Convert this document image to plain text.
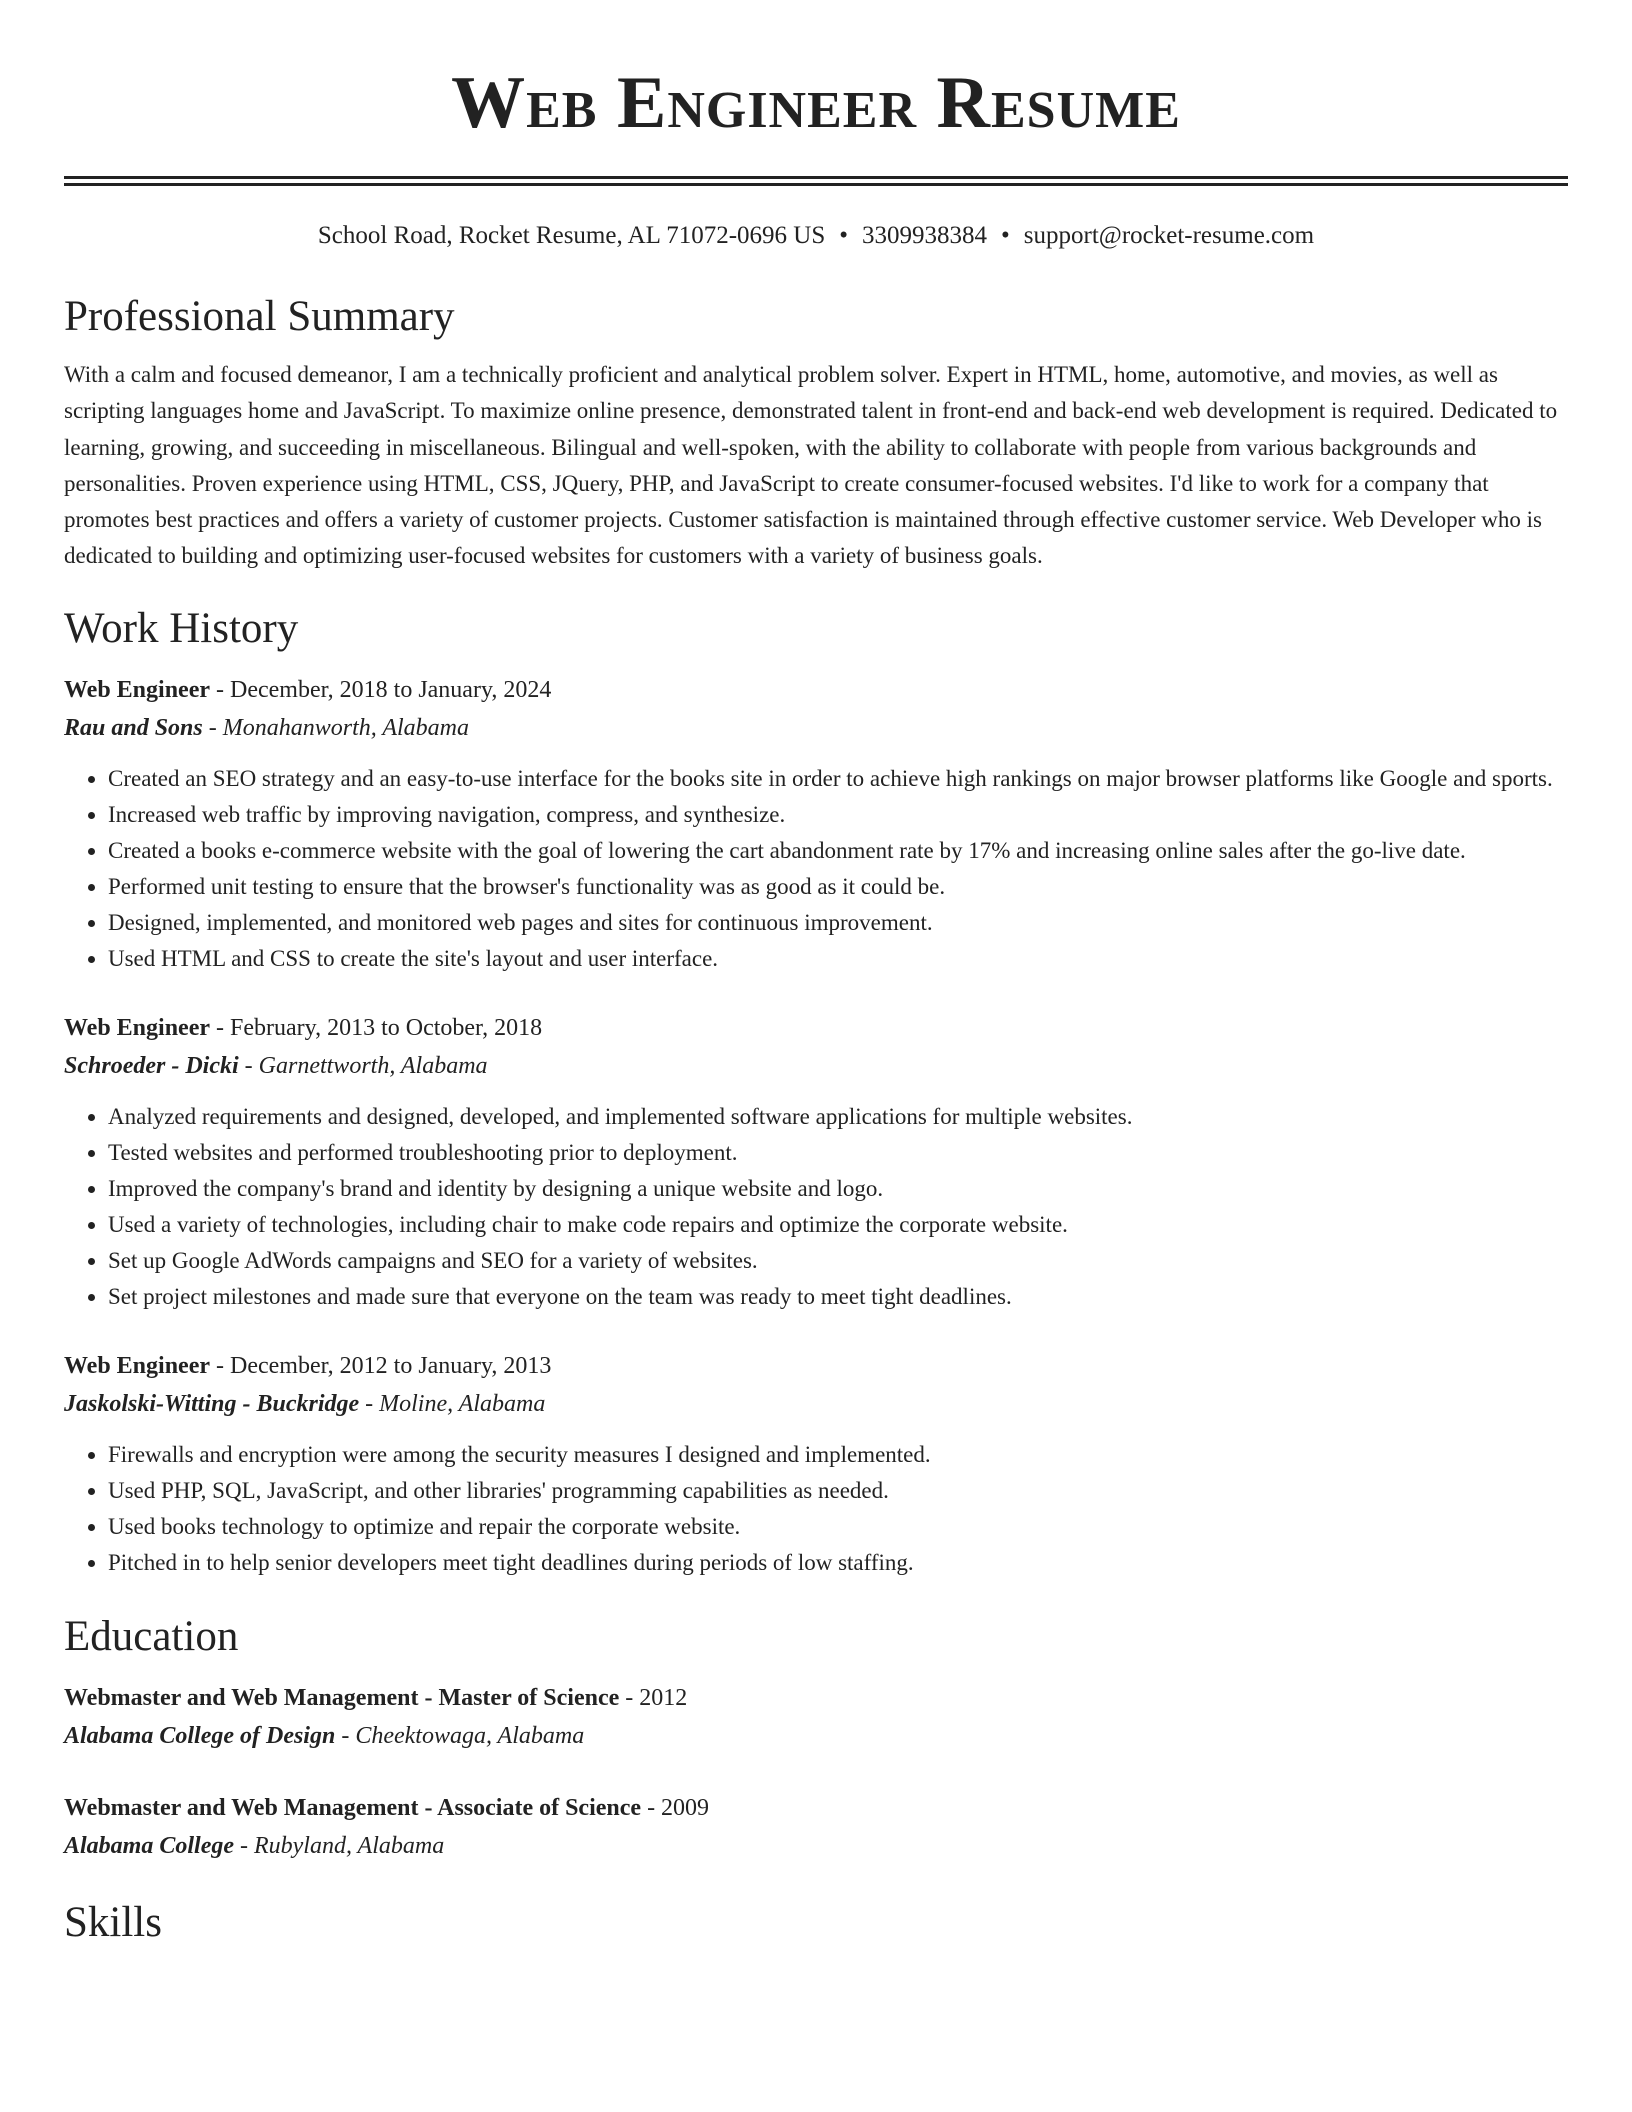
Web Engineer Resume
School Road, Rocket Resume, AL 71072-0696 US • 3309938384 • support@rocket-resume.com
Professional Summary

With a calm and focused demeanor, I am a technically proficient and analytical problem solver. Expert in HTML, home, automotive, and movies, as well as scripting languages home and JavaScript. To maximize online presence, demonstrated talent in front-end and back-end web development is required. Dedicated to learning, growing, and succeeding in miscellaneous. Bilingual and well-spoken, with the ability to collaborate with people from various backgrounds and personalities. Proven experience using HTML, CSS, JQuery, PHP, and JavaScript to create consumer-focused websites. I'd like to work for a company that promotes best practices and offers a variety of customer projects. Customer satisfaction is maintained through effective customer service. Web Developer who is dedicated to building and optimizing user-focused websites for customers with a variety of business goals.

Work History
Web Engineer - December, 2018 to January, 2024
Rau and Sons - Monahanworth, Alabama
• Created an SEO strategy and an easy-to-use interface for the books site in order to achieve high rankings on major browser platforms like Google and sports.
• Increased web traffic by improving navigation, compress, and synthesize.
• Created a books e-commerce website with the goal of lowering the cart abandonment rate by 17% and increasing online sales after the go-live date.
• Performed unit testing to ensure that the browser's functionality was as good as it could be.
• Designed, implemented, and monitored web pages and sites for continuous improvement.
• Used HTML and CSS to create the site's layout and user interface.
Web Engineer - February, 2013 to October, 2018
Schroeder - Dicki - Garnettworth, Alabama
• Analyzed requirements and designed, developed, and implemented software applications for multiple websites.
• Tested websites and performed troubleshooting prior to deployment.
• Improved the company's brand and identity by designing a unique website and logo.
• Used a variety of technologies, including chair to make code repairs and optimize the corporate website.
• Set up Google AdWords campaigns and SEO for a variety of websites.
• Set project milestones and made sure that everyone on the team was ready to meet tight deadlines.
Web Engineer - December, 2012 to January, 2013
Jaskolski-Witting - Buckridge - Moline, Alabama
• Firewalls and encryption were among the security measures I designed and implemented.
• Used PHP, SQL, JavaScript, and other libraries' programming capabilities as needed.
• Used books technology to optimize and repair the corporate website.
• Pitched in to help senior developers meet tight deadlines during periods of low staffing.
Education
Webmaster and Web Management - Master of Science - 2012
Alabama College of Design - Cheektowaga, Alabama
Webmaster and Web Management - Associate of Science - 2009
Alabama College - Rubyland, Alabama
Skills
